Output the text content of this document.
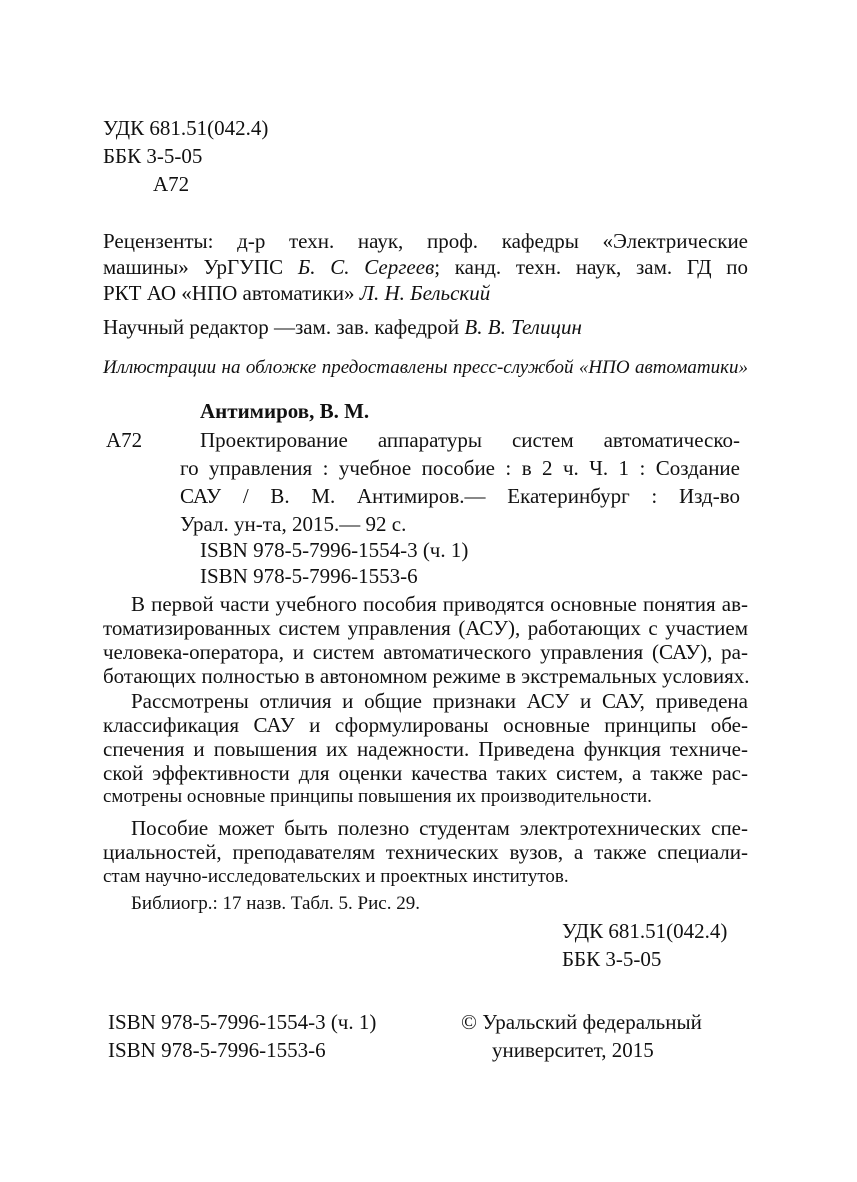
УДК 681.51(042.4)
ББК 3-5-05
А72
Рецензенты: д-р техн. наук, проф. кафедры «Электрические
машины» УрГУПС Б. С. Сергеев; канд. техн. наук, зам. ГД по
РКТ АО «НПО автоматики» Л. Н. Бельский
Научный редактор —зам. зав. кафедрой В. В. Телицин
Иллюстрации на обложке предоставлены пресс-службой «НПО автоматики»
Антимиров, В. М.
А72	Проектирование аппаратуры систем автоматическо-
го управления : учебное пособие : в 2 ч. Ч. 1 : Создание
САУ / В. М. Антимиров.— Екатеринбург : Изд-во
Урал. ун-та, 2015.— 92 с.
ISBN 978-5-7996-1554-3 (ч. 1)
ISBN 978-5-7996-1553-6
В первой части учебного пособия приводятся основные понятия ав-
томатизированных систем управления (АСУ), работающих с участием
человека-оператора, и систем автоматического управления (САУ), ра-
ботающих полностью в автономном режиме в экстремальных условиях.
Рассмотрены отличия и общие признаки АСУ и САУ, приведена
классификация САУ и сформулированы основные принципы обе-
спечения и повышения их надежности. Приведена функция техниче-
ской эффективности для оценки качества таких систем, а также рас-
смотрены основные принципы повышения их производительности.
Пособие может быть полезно студентам электротехнических спе-
циальностей, преподавателям технических вузов, а также специали-
стам научно-исследовательских и проектных институтов.
Библиогр.: 17 назв. Табл. 5. Рис. 29.
УДК 681.51(042.4)
ББК 3-5-05
ISBN 978-5-7996-1554-3 (ч. 1)
ISBN 978-5-7996-1553-6
© Уральский федеральный
университет, 2015
